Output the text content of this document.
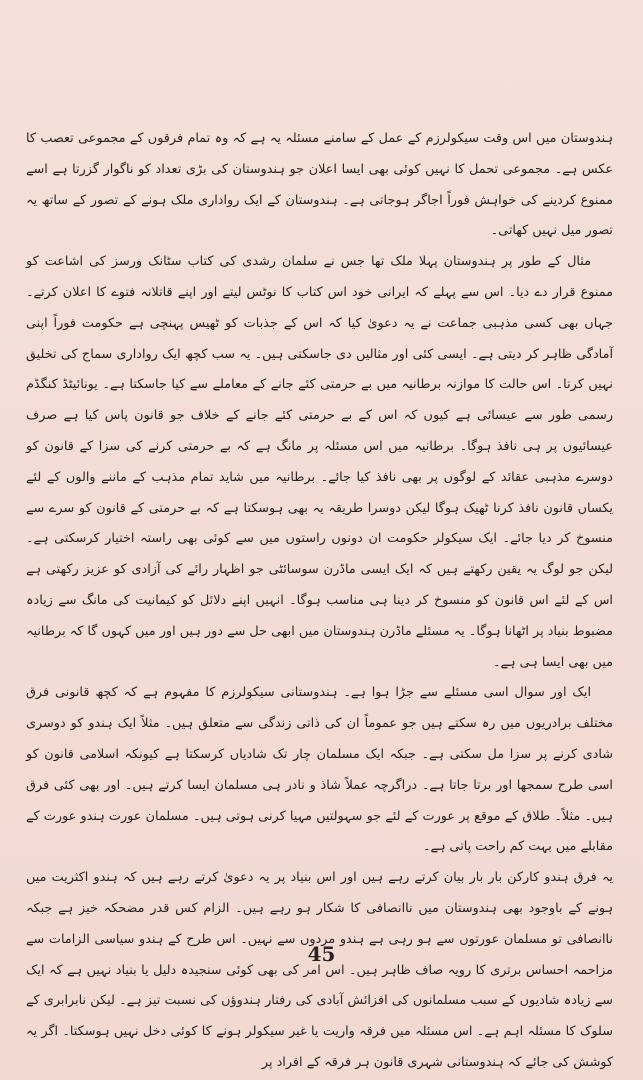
ہندوستان میں اس وقت سیکولرزم کے عمل کے سامنے مسئلہ یہ ہے کہ وہ تمام فرقوں کے مجموعی تعصب کا عکس ہے۔ مجموعی تحمل کا نہیں کوئی بھی ایسا اعلان جو ہندوستان کی بڑی تعداد کو ناگوار گزرتا ہے اسے ممنوع کردینے کی خواہش فوراً اجاگر ہوجاتی ہے۔ ہندوستان کے ایک رواداری ملک ہونے کے تصور کے ساتھ یہ تصور میل نہیں کھاتی۔

مثال کے طور پر ہندوستان پہلا ملک تھا جس نے سلمان رشدی کی کتاب سٹانک ورسز کی اشاعت کو ممنوع قرار دے دیا۔ اس سے پہلے کہ ایرانی خود اس کتاب کا نوٹس لیتے اور اپنے قاتلانہ فتوے کا اعلان کرتے۔ جہاں بھی کسی مذہبی جماعت نے یہ دعویٰ کیا کہ اس کے جذبات کو ٹھیس پہنچی ہے حکومت فوراً اپنی آمادگی ظاہر کر دیتی ہے۔ ایسی کئی اور مثالیں دی جاسکتی ہیں۔ یہ سب کچھ ایک رواداری سماج کی تخلیق نہیں کرتا۔ اس حالت کا موازنہ برطانیہ میں بے حرمتی کئے جانے کے معاملے سے کیا جاسکتا ہے۔ یونائیٹڈ کنگڈم رسمی طور سے عیسائی ہے کیوں کہ اس کے بے حرمتی کئے جانے کے خلاف جو قانون پاس کیا ہے صرف عیسائیوں پر ہی نافذ ہوگا۔ برطانیہ میں اس مسئلہ پر مانگ ہے کہ بے حرمتی کرنے کی سزا کے قانون کو دوسرے مذہبی عقائد کے لوگوں پر بھی نافذ کیا جائے۔ برطانیہ میں شاید تمام مذہب کے ماننے والوں کے لئے یکساں قانون نافذ کرنا ٹھیک ہوگا لیکن دوسرا طریقہ یہ بھی ہوسکتا ہے کہ بے حرمتی کے قانون کو سرے سے منسوخ کر دیا جائے۔ ایک سیکولر حکومت ان دونوں راستوں میں سے کوئی بھی راستہ اختیار کرسکتی ہے۔ لیکن جو لوگ یہ یقین رکھتے ہیں کہ ایک ایسی ماڈرن سوسائٹی جو اظہار رائے کی آزادی کو عزیز رکھتی ہے اس کے لئے اس قانون کو منسوخ کر دینا ہی مناسب ہوگا۔ انہیں اپنے دلائل کو کیمانیت کی مانگ سے زیادہ مضبوط بنیاد پر اٹھانا ہوگا۔ یہ مسئلے ماڈرن ہندوستان میں ابھی حل سے دور ہیں اور میں کہوں گا کہ برطانیہ میں بھی ایسا ہی ہے۔

ایک اور سوال اسی مسئلے سے جڑا ہوا ہے۔ ہندوستانی سیکولرزم کا مفہوم ہے کہ کچھ قانونی فرق مختلف برادریوں میں رہ سکتے ہیں جو عموماً ان کی ذاتی زندگی سے متعلق ہیں۔ مثلاً ایک ہندو کو دوسری شادی کرنے پر سزا مل سکتی ہے۔ جبکہ ایک مسلمان چار تک شادیاں کرسکتا ہے کیونکہ اسلامی قانون کو اسی طرح سمجھا اور برتا جاتا ہے۔ دراگرچہ عملاً شاذ و نادر ہی مسلمان ایسا کرتے ہیں۔ اور بھی کئی فرق ہیں۔ مثلاً۔ طلاق کے موقع پر عورت کے لئے جو سہولتیں مہیا کرنی ہوتی ہیں۔ مسلمان عورت ہندو عورت کے مقابلے میں بہت کم راحت پاتی ہے۔

یہ فرق ہندو کارکن بار بار بیان کرتے رہے ہیں اور اس بنیاد پر یہ دعویٰ کرتے رہے ہیں کہ ہندو اکثریت میں ہونے کے باوجود بھی ہندوستان میں ناانصافی کا شکار ہو رہے ہیں۔ الزام کس قدر مضحکہ خیز ہے جبکہ ناانصافی تو مسلمان عورتوں سے ہو رہی ہے ہندو مردوں سے نہیں۔ اس طرح کے ہندو سیاسی الزامات سے مزاحمہ احساس برتری کا رویہ صاف ظاہر ہیں۔ اس امر کی بھی کوئی سنجیدہ دلیل یا بنیاد نہیں ہے کہ ایک سے زیادہ شادیوں کے سبب مسلمانوں کی افزائش آبادی کی رفتار ہندوؤں کی نسبت تیز ہے۔ لیکن نابرابری کے سلوک کا مسئلہ اہم ہے۔ اس مسئلہ میں فرقہ واریت یا غیر سیکولر ہونے کا کوئی دخل نہیں ہوسکتا۔ اگر یہ کوشش کی جائے کہ ہندوستانی شہری قانون ہر فرقہ کے افراد پر

45
